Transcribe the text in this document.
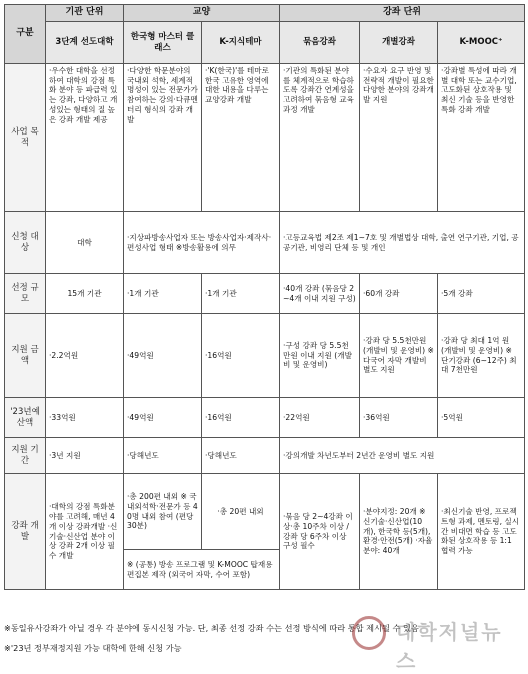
구분	기관 단위	교양		강좌 단위		
	3단계 선도대학	한국형 마스터 클래스	K-지식테마	묶음강좌	개별강좌	K-MOOC⁺
사업 목적	·우수한 대학을 선정하여 대학의 강점 특화 분야 등 파급력 있는 강좌, 다양하고 개성있는 형태의 질 높은 강좌 개발 제공	·다양한 학문분야의 국내외 석학, 세계적 명성이 있는 전문가가 참여하는 강의·다큐멘터리 형식의 강좌 개발	·'K(한국)'를 테마로 한국 고유한 영역에 대한 내용을 다루는 교양강좌 개발	·기관의 특화된 분야를 체계적으로 학습하도록 강좌간 연계성을 고려하여 묶음형 교육과정 개발	·수요자 요구 반영 및 전략적 개발이 필요한 다양한 분야의 강좌개발 지원	·강좌별 특성에 따라 개별 대학 또는 교수기업, 고도화된 상호작용 및 최신 기술 등을 반영한 특화 강좌 개발
신청 대상	대학	·지상파방송사업자 또는 방송사업자·제작사·편성사업 형태 ※방송활용에 의무		·고등교육법 제2조 제1~7호 및 개별법상 대학, 출연 연구기관, 기업, 공공기관, 비영리 단체 등 및 개인		
선정 규모	15개 기관	·1개 기관	·1개 기관	·40개 강좌 (묶음당 2~4개 이내 지원 구성)	·60개 강좌	·5개 강좌
지원 금액	·2.2억원	·49억원	·16억원	·구성 강좌 당 5.5천만원 이내 지원 (개발비 및 운영비)	·강좌 당 5.5천만원 (개발비 및 운영비) ※ 다국어 자막 개발비 별도 지원	·강좌 당 최대 1억 원 (개발비 및 운영비) ※ 단기강좌 (6~12주) 최대 7천만원
'23년예산액	·33억원	·49억원	·16억원	·22억원	·36억원	·5억원
지원 기간	·3년 지원	·당해년도	·당해년도	·강의개발 차년도부터 2년간 운영비 별도 지원		
강좌 개발	·대학의 강점 특화분야를 고려해, 매년 4개 이상 강좌개발 ·신기술·신산업 분야 이상 강좌 2개 이상 필수 개발	·총 200편 내외 ※ 국내외석학·전문가 등 40명 내외 참여 (편당 30분)	·총 20편 내외	·묶음 당 2~4강좌 이상·총 10주차 이상 / 강좌 당 6주차 이상 구성 필수	·분야지정: 20개 ※ 신기술·신산업(10개), 한국학 등(5개), 환경·안전(5개) ·자율분야: 40개	·최신기술 반영, 프로젝트형 과제, 멘토링, 실시간 비대면 학습 등 고도화된 상호작용 등 1:1 협력 가능
		※ (공통) 방송 프로그램 및 K-MOOC 탑재용 편집본 제작 (외국어 자막, 수어 포함)				
※동일유사강좌가 아닐 경우 각 분야에 동시신청 가능. 단, 최종 선정 강좌 수는 선정 방식에 따라 통합 제시될 수 있음
※'23년 정부재정지원 가능 대학에 한해 신청 가능
대학저널뉴스
